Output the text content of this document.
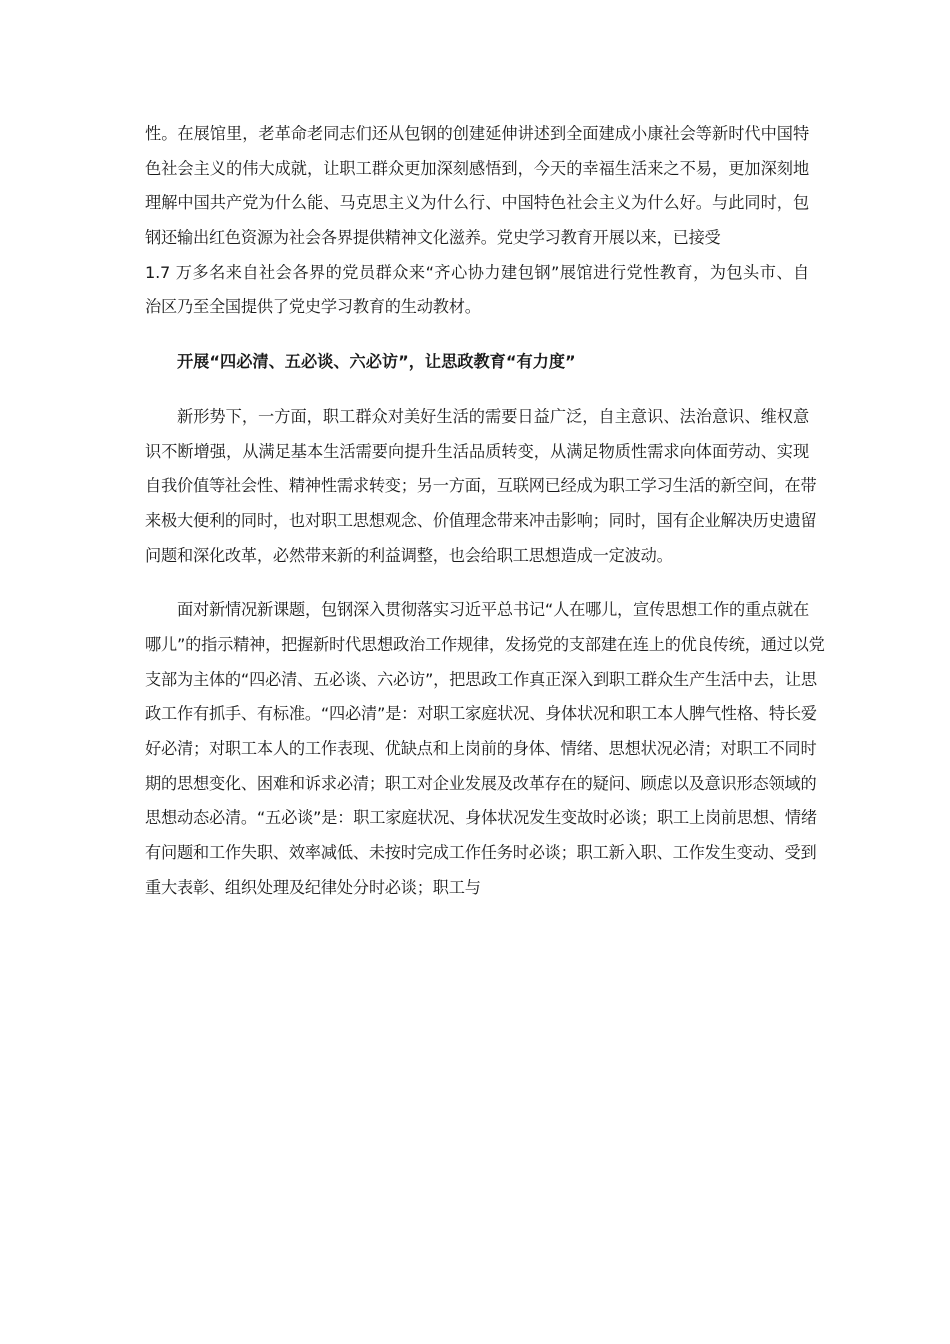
性。在展馆里，老革命老同志们还从包钢的创建延伸讲述到全面建成小康社会等新时代中国特
色社会主义的伟大成就，让职工群众更加深刻感悟到，今天的幸福生活来之不易，更加深刻地
理解中国共产党为什么能、马克思主义为什么行、中国特色社会主义为什么好。与此同时，包
钢还输出红色资源为社会各界提供精神文化滋养。党史学习教育开展以来，已接受
1.7 万多名来自社会各界的党员群众来“齐心协力建包钢”展馆进行党性教育，为包头市、自
治区乃至全国提供了党史学习教育的生动教材。
开展“四必清、五必谈、六必访”，让思政教育“有力度”
新形势下，一方面，职工群众对美好生活的需要日益广泛，自主意识、法治意识、维权意
识不断增强，从满足基本生活需要向提升生活品质转变，从满足物质性需求向体面劳动、实现
自我价值等社会性、精神性需求转变；另一方面，互联网已经成为职工学习生活的新空间，在带
来极大便利的同时，也对职工思想观念、价值理念带来冲击影响；同时，国有企业解决历史遗留
问题和深化改革，必然带来新的利益调整，也会给职工思想造成一定波动。
面对新情况新课题，包钢深入贯彻落实习近平总书记“人在哪儿，宣传思想工作的重点就在
哪儿”的指示精神，把握新时代思想政治工作规律，发扬党的支部建在连上的优良传统，通过以党
支部为主体的“四必清、五必谈、六必访”，把思政工作真正深入到职工群众生产生活中去，让思
政工作有抓手、有标准。“四必清”是：对职工家庭状况、身体状况和职工本人脾气性格、特长爱
好必清；对职工本人的工作表现、优缺点和上岗前的身体、情绪、思想状况必清；对职工不同时
期的思想变化、困难和诉求必清；职工对企业发展及改革存在的疑问、顾虑以及意识形态领域的
思想动态必清。“五必谈”是：职工家庭状况、身体状况发生变故时必谈；职工上岗前思想、情绪
有问题和工作失职、效率减低、未按时完成工作任务时必谈；职工新入职、工作发生变动、受到
重大表彰、组织处理及纪律处分时必谈；职工与
